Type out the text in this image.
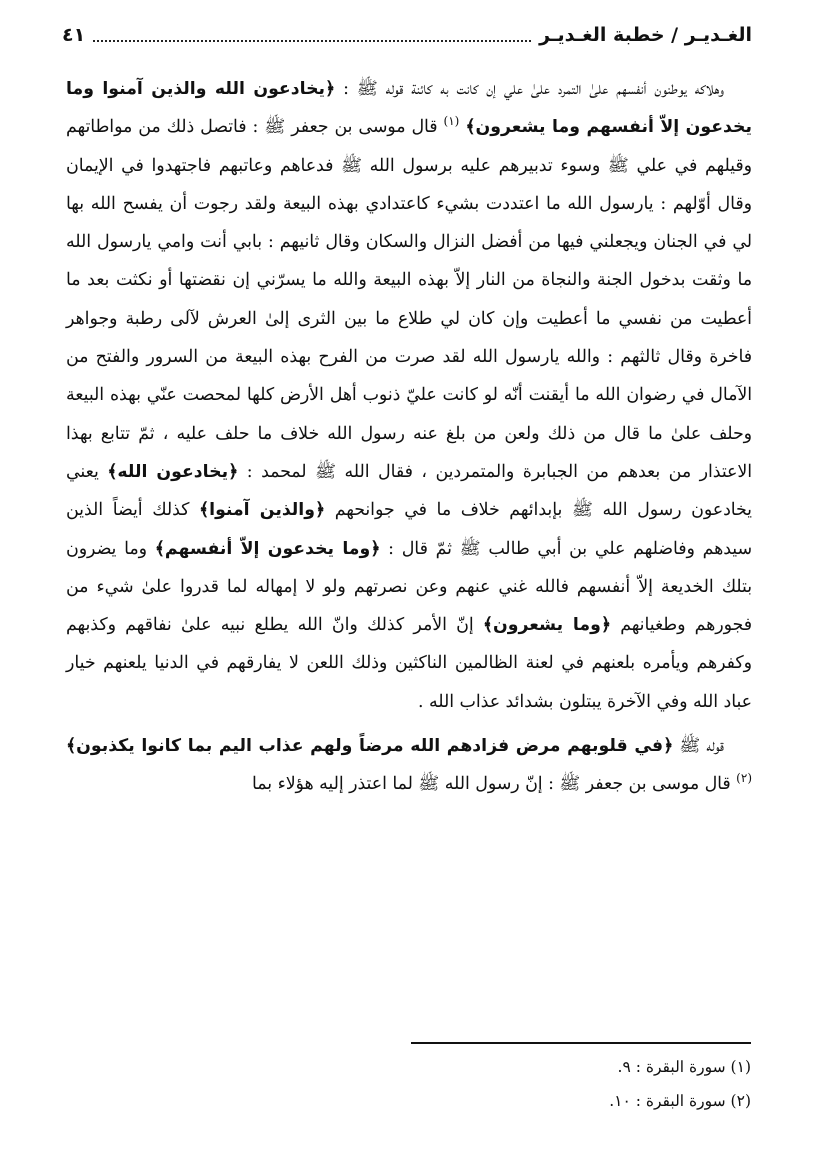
الغـديـر / خطبة الغـديـر
٤١

وهلاكه يوطنون أنفسهم علىٰ التمرد علىٰ علي إن كانت به كائنة قوله ﷺ : ﴿يخادعون الله والذين آمنوا وما يخدعون إلاّ أنفسهم وما يشعرون﴾ $^{(١)}$ قال موسى بن جعفر ﷺ : فاتصل ذلك من مواطاتهم وقيلهم في علي ﷺ وسوء تدبيرهم عليه برسول الله ﷺ فدعاهم وعاتبهم فاجتهدوا في الإيمان وقال أوّلهم : يارسول الله ما اعتددت بشيء كاعتدادي بهذه البيعة ولقد رجوت أن يفسح الله بها لي في الجنان ويجعلني فيها من أفضل النزال والسكان وقال ثانيهم : بابي أنت وامي يارسول الله ما وثقت بدخول الجنة والنجاة من النار إلاّ بهذه البيعة والله ما يسرّني إن نقضتها أو نكثت بعد ما أعطيت من نفسي ما أعطيت وإن كان لي طلاع ما بين الثرى إلىٰ العرش لآلى رطبة وجواهر فاخرة وقال ثالثهم : والله يارسول الله لقد صرت من الفرح بهذه البيعة من السرور والفتح من الآمال في رضوان الله ما أيقنت أنّه لو كانت عليّ ذنوب أهل الأرض كلها لمحصت عنّي بهذه البيعة وحلف علىٰ ما قال من ذلك ولعن من بلغ عنه رسول الله خلاف ما حلف عليه ، ثمّ تتابع بهذا الاعتذار من بعدهم من الجبابرة والمتمردين ، فقال الله ﷺ لمحمد : ﴿يخادعون الله﴾ يعني يخادعون رسول الله ﷺ بإبدائهم خلاف ما في جوانحهم ﴿والذين آمنوا﴾ كذلك أيضاً الذين سيدهم وفاضلهم علي بن أبي طالب ﷺ ثمّ قال : ﴿وما يخدعون إلاّ أنفسهم﴾ وما يضرون بتلك الخديعة إلاّ أنفسهم فالله غني عنهم وعن نصرتهم ولو لا إمهاله لما قدروا علىٰ شيء من فجورهم وطغيانهم ﴿وما يشعرون﴾ إنّ الأمر كذلك وانّ الله يطلع نبيه علىٰ نفاقهم وكذبهم وكفرهم ويأمره بلعنهم في لعنة الظالمين الناكثين وذلك اللعن لا يفارقهم في الدنيا يلعنهم خيار عباد الله وفي الآخرة يبتلون بشدائد عذاب الله .

قوله ﷺ ﴿في قلوبهم مرض فزادهم الله مرضاً ولهم عذاب اليم بما كانوا يكذبون﴾ $^{(٢)}$ قال موسى بن جعفر ﷺ : إنّ رسول الله ﷺ لما اعتذر إليه هؤلاء بما

(١) سورة البقرة : ٩.
(٢) سورة البقرة : ١٠.
